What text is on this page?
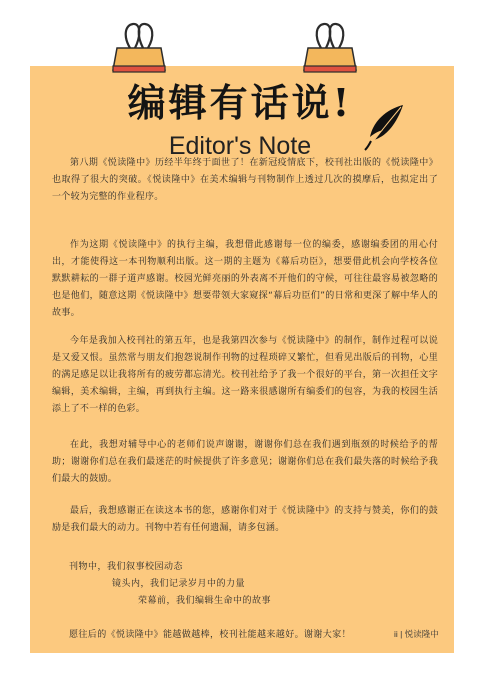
编辑有话说!
Editor's Note

第八期《悦读隆中》历经半年终于面世了！在新冠疫情底下，校刊社出版的《悦读隆中》也取得了很大的突破。《悦读隆中》在美术编辑与刊物制作上透过几次的摸摩后，也拟定出了一个较为完整的作业程序。

作为这期《悦读隆中》的执行主编，我想借此感谢每一位的编委，感谢编委团的用心付出，才能使得这一本刊物顺利出版。这一期的主题为《幕后功臣》，想要借此机会向学校各位默默耕耘的一群子道声感谢。校园光鲜亮丽的外表离不开他们的守候，可往往最容易被忽略的也是他们，随意这期《悦读隆中》想要带领大家窥探“幕后功臣们”的日常和更深了解中华人的故事。

今年是我加入校刊社的第五年，也是我第四次参与《悦读隆中》的制作，制作过程可以说是又爱又恨。虽然常与朋友们抱怨说制作刊物的过程琐碎又繁忙，但看见出版后的刊物，心里的满足感足以让我将所有的疲劳都忘清光。校刊社给予了我一个很好的平台，第一次担任文字编辑，美术编辑，主编，再到执行主编。这一路来很感谢所有编委们的包容，为我的校园生活添上了不一样的色彩。

在此，我想对辅导中心的老师们说声谢谢，谢谢你们总在我们遇到瓶颈的时候给予的帮助；谢谢你们总在我们最迷茫的时候提供了许多意见；谢谢你们总在我们最失落的时候给予我们最大的鼓励。

最后，我想感谢正在读这本书的您，感谢你们对于《悦读隆中》的支持与赞美，你们的鼓励是我们最大的动力。刊物中若有任何遗漏，请多包涵。

刊物中，我们叙事校园动态
镜头内，我们记录岁月中的力量
荣幕前，我们编辑生命中的故事
愿往后的《悦读隆中》能越做越棒，校刊社能越来越好。谢谢大家！	ii | 悦读隆中
